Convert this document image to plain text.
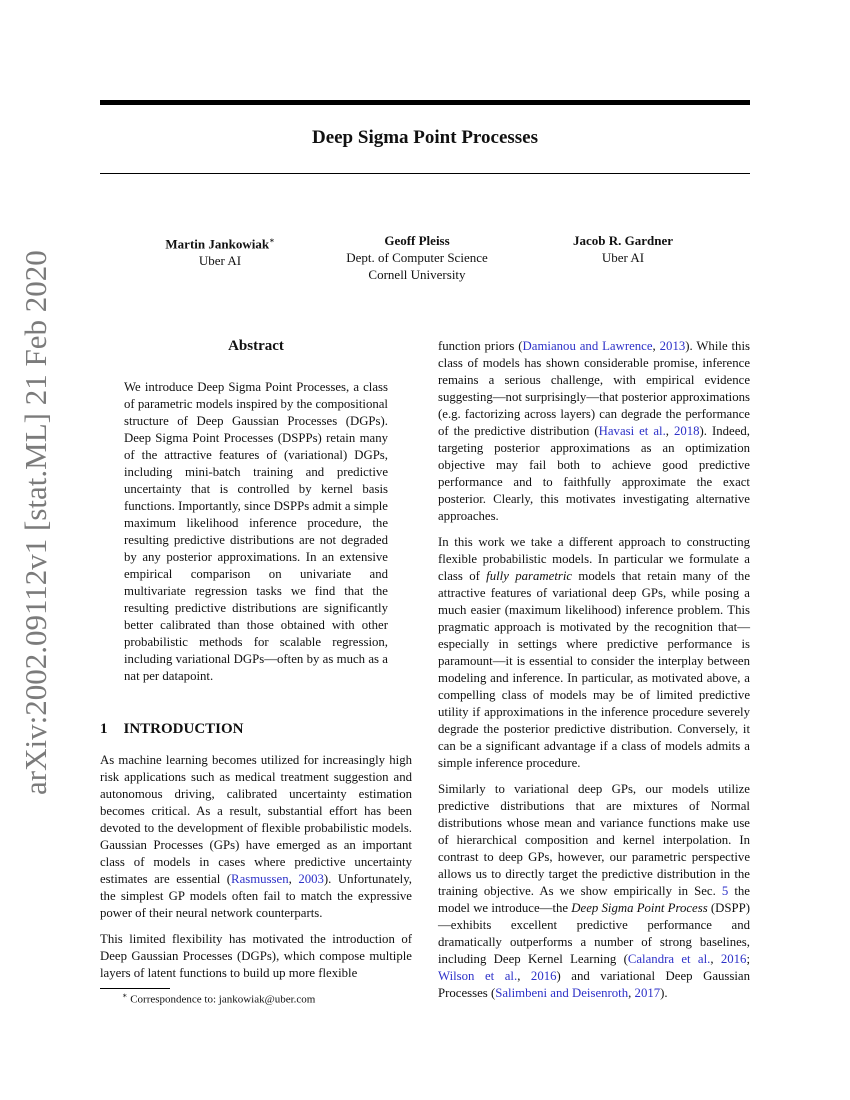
Deep Sigma Point Processes
Martin Jankowiak∗
Uber AI
Geoff Pleiss
Dept. of Computer Science
Cornell University
Jacob R. Gardner
Uber AI
arXiv:2002.09112v1 [stat.ML] 21 Feb 2020	Abstract

We introduce Deep Sigma Point Processes, a class of parametric models inspired by the compositional structure of Deep Gaussian Processes (DGPs). Deep Sigma Point Processes (DSPPs) retain many of the attractive features of (variational) DGPs, including mini-batch training and predictive uncertainty that is controlled by kernel basis functions. Importantly, since DSPPs admit a simple maximum likelihood inference procedure, the resulting predictive distributions are not degraded by any posterior approximations. In an extensive empirical comparison on univariate and multivariate regression tasks we find that the resulting predictive distributions are significantly better calibrated than those obtained with other probabilistic methods for scalable regression, including variational DGPs—often by as much as a nat per datapoint.

1 INTRODUCTION

As machine learning becomes utilized for increasingly high risk applications such as medical treatment suggestion and autonomous driving, calibrated uncertainty estimation becomes critical. As a result, substantial effort has been devoted to the development of flexible probabilistic models. Gaussian Processes (GPs) have emerged as an important class of models in cases where predictive uncertainty estimates are essential (Rasmussen, 2003). Unfortunately, the simplest GP models often fail to match the expressive power of their neural network counterparts.

This limited flexibility has motivated the introduction of Deep Gaussian Processes (DGPs), which compose multiple layers of latent functions to build up more flexible

function priors (Damianou and Lawrence, 2013). While this class of models has shown considerable promise, inference remains a serious challenge, with empirical evidence suggesting—not surprisingly—that posterior approximations (e.g. factorizing across layers) can degrade the performance of the predictive distribution (Havasi et al., 2018). Indeed, targeting posterior approximations as an optimization objective may fail both to achieve good predictive performance and to faithfully approximate the exact posterior. Clearly, this motivates investigating alternative approaches.

In this work we take a different approach to constructing flexible probabilistic models. In particular we formulate a class of fully parametric models that retain many of the attractive features of variational deep GPs, while posing a much easier (maximum likelihood) inference problem. This pragmatic approach is motivated by the recognition that—especially in settings where predictive performance is paramount—it is essential to consider the interplay between modeling and inference. In particular, as motivated above, a compelling class of models may be of limited predictive utility if approximations in the inference procedure severely degrade the posterior predictive distribution. Conversely, it can be a significant advantage if a class of models admits a simple inference procedure.

Similarly to variational deep GPs, our models utilize predictive distributions that are mixtures of Normal distributions whose mean and variance functions make use of hierarchical composition and kernel interpolation. In contrast to deep GPs, however, our parametric perspective allows us to directly target the predictive distribution in the training objective. As we show empirically in Sec. 5 the model we introduce—the Deep Sigma Point Process (DSPP)—exhibits excellent predictive performance and dramatically outperforms a number of strong baselines, including Deep Kernel Learning (Calandra et al., 2016; Wilson et al., 2016) and variational Deep Gaussian Processes (Salimbeni and Deisenroth, 2017).

∗ Correspondence to: jankowiak@uber.com
